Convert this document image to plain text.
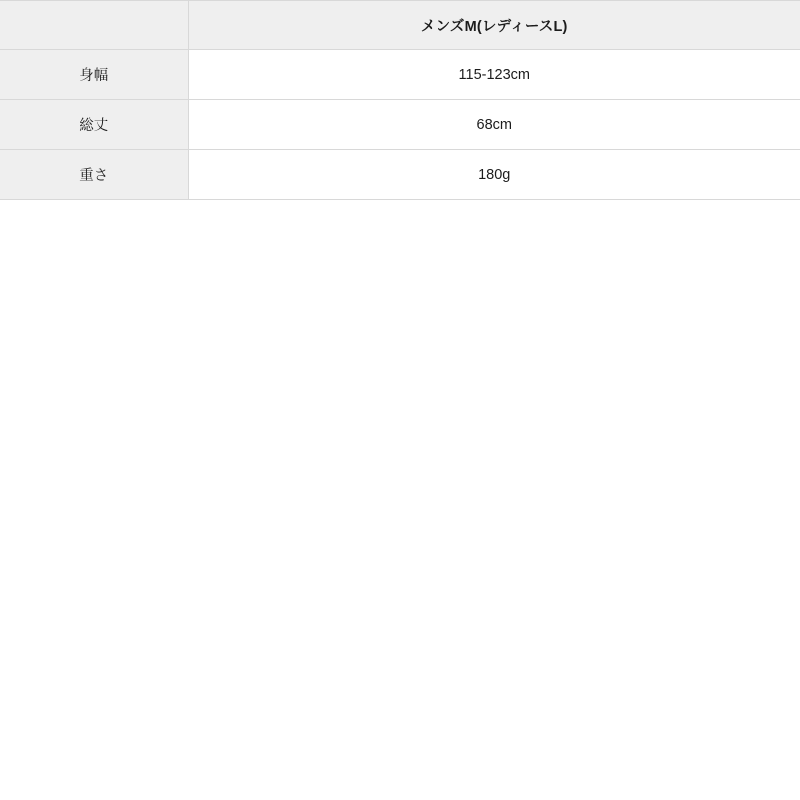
	メンズM(レディースL)
身幅	115-123cm
総丈	68cm
重さ	180g
